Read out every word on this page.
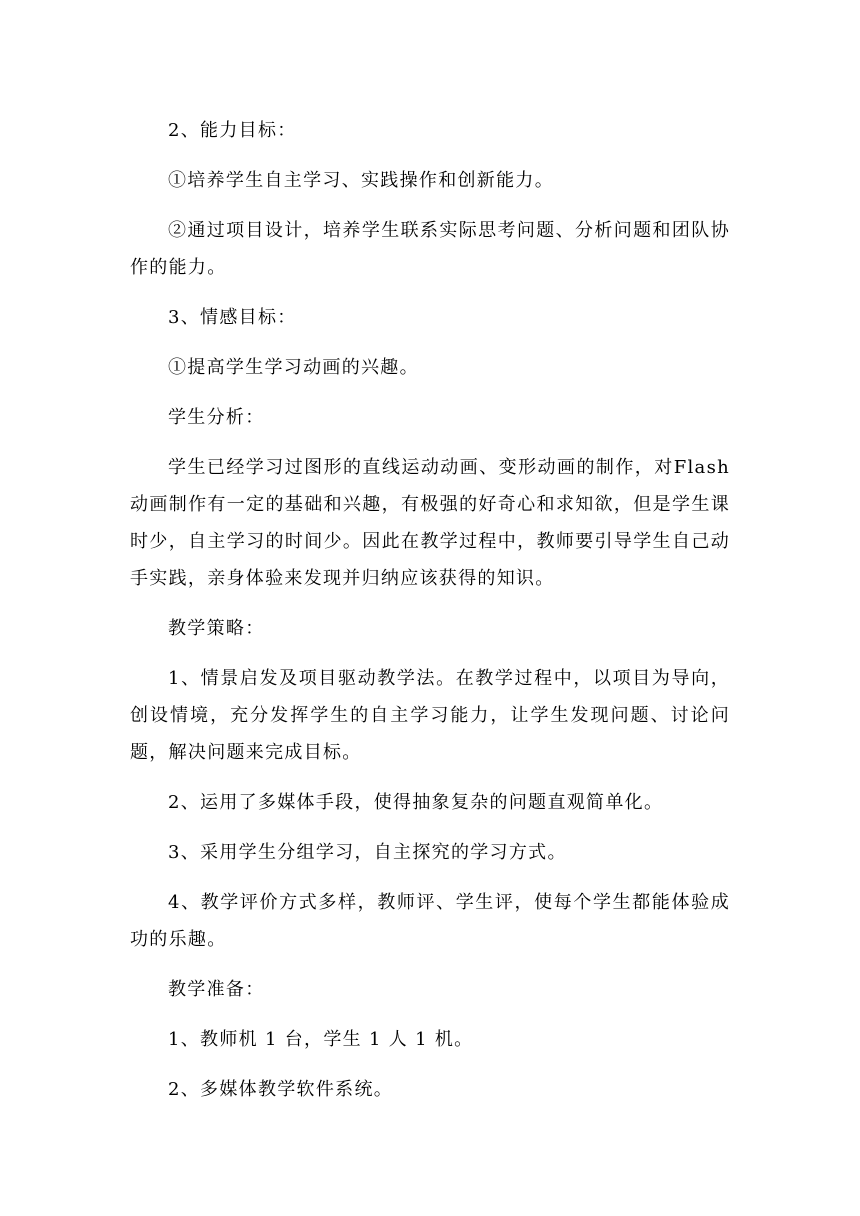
2、能力目标：

①培养学生自主学习、实践操作和创新能力。

②通过项目设计，培养学生联系实际思考问题、分析问题和团队协作的能力。

3、情感目标：

①提高学生学习动画的兴趣。

学生分析：

学生已经学习过图形的直线运动动画、变形动画的制作，对Flash动画制作有一定的基础和兴趣，有极强的好奇心和求知欲，但是学生课时少，自主学习的时间少。因此在教学过程中，教师要引导学生自己动手实践，亲身体验来发现并归纳应该获得的知识。

教学策略：

1、情景启发及项目驱动教学法。在教学过程中，以项目为导向，创设情境，充分发挥学生的自主学习能力，让学生发现问题、讨论问题，解决问题来完成目标。

2、运用了多媒体手段，使得抽象复杂的问题直观简单化。

3、采用学生分组学习，自主探究的学习方式。

4、教学评价方式多样，教师评、学生评，使每个学生都能体验成功的乐趣。

教学准备：

1、教师机 1 台，学生 1 人 1 机。

2、多媒体教学软件系统。
